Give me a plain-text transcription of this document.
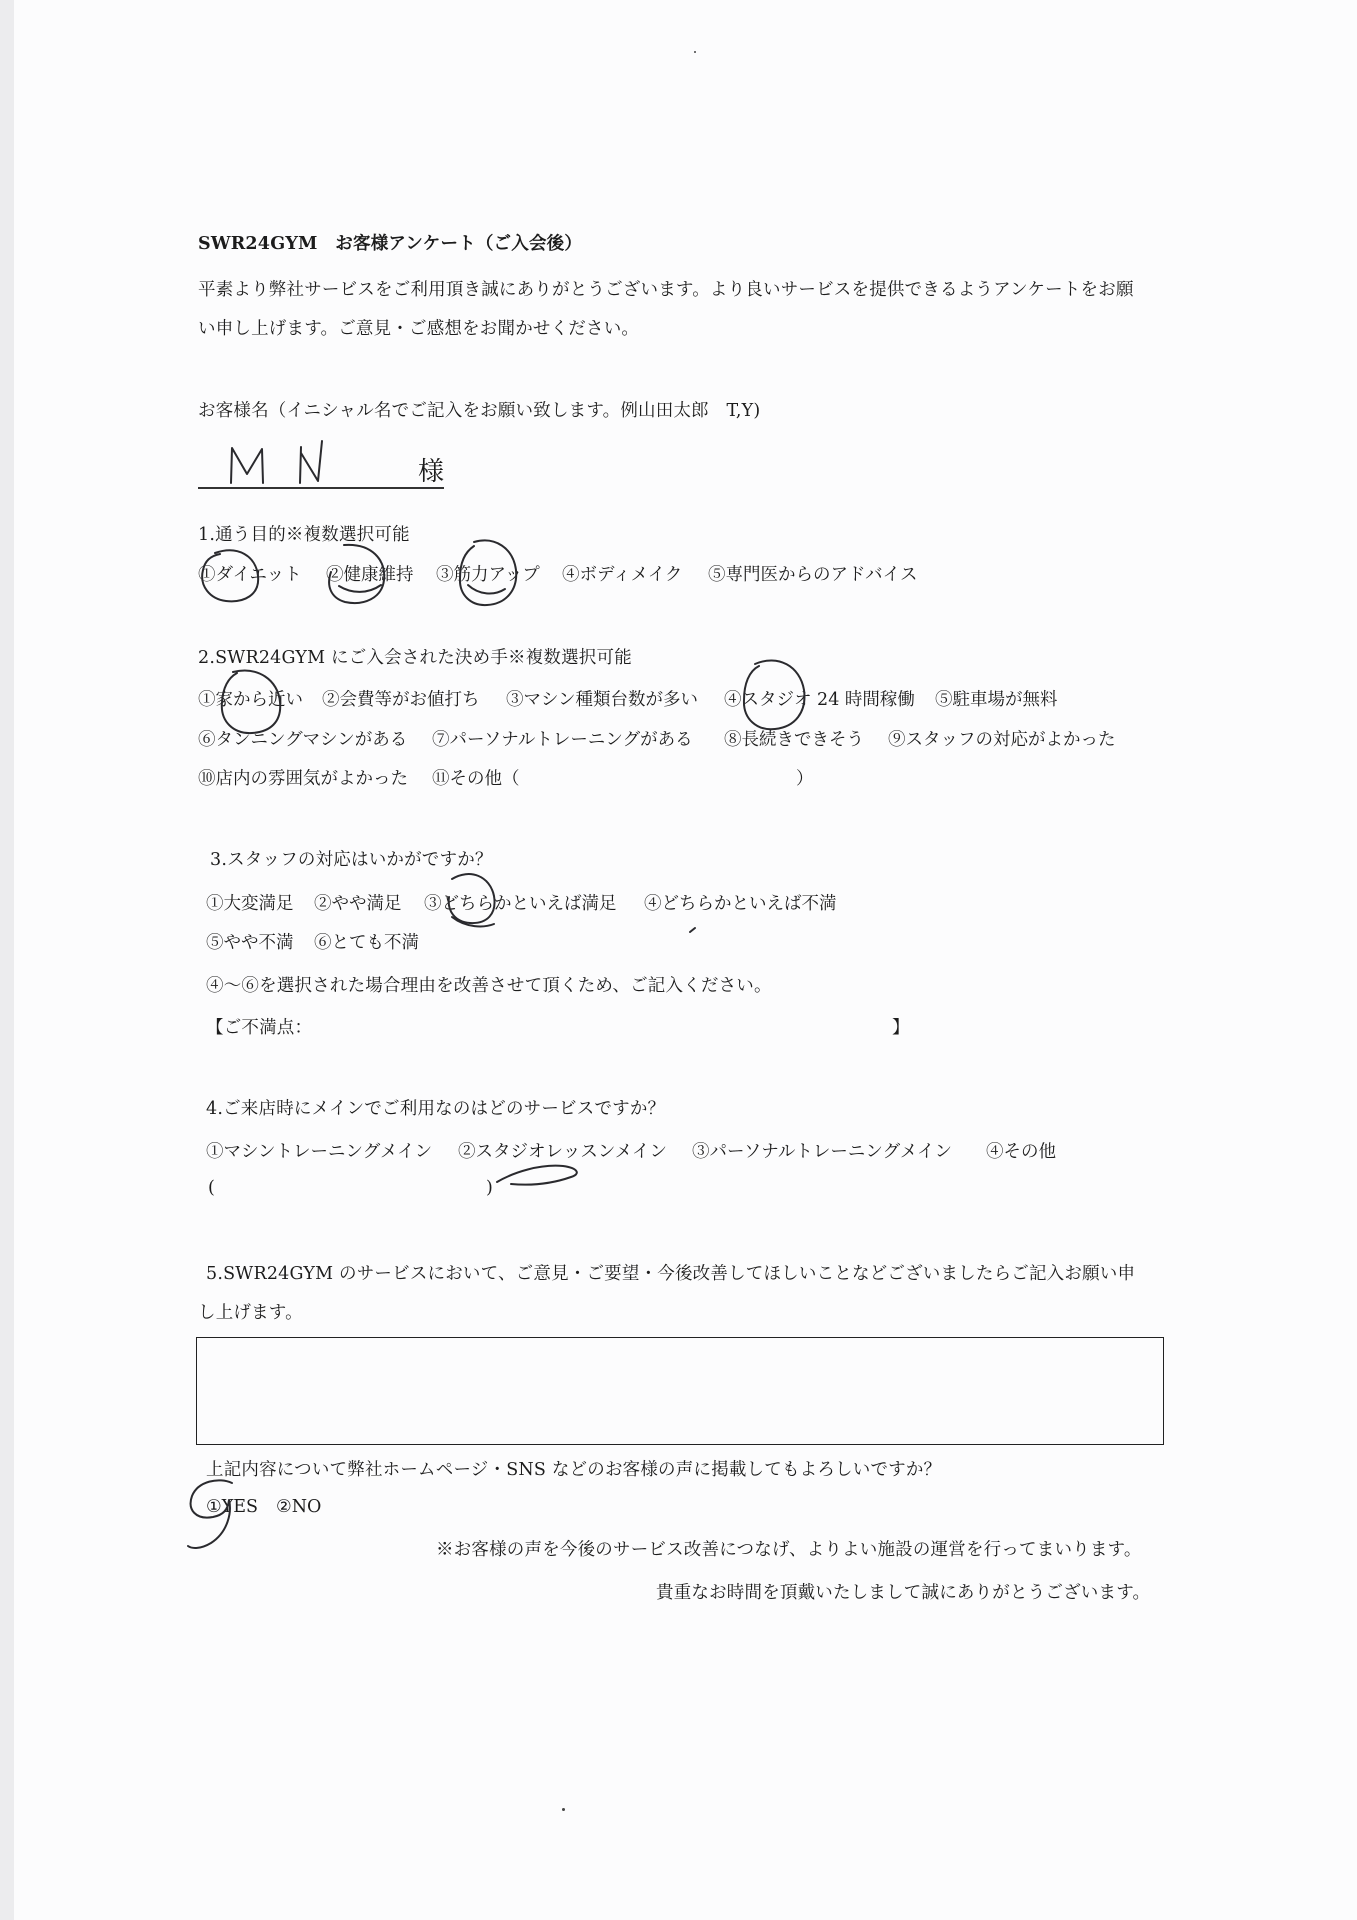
SWR24GYM　お客様アンケート（ご入会後）
平素より弊社サービスをご利用頂き誠にありがとうございます。より良いサービスを提供できるようアンケートをお願
い申し上げます。ご意見・ご感想をお聞かせください。
お客様名（イニシャル名でご記入をお願い致します。例山田太郎　T,Y)
様
1.通う目的※複数選択可能
①ダイエット ②健康維持 ③筋力アップ ④ボディメイク ⑤専門医からのアドバイス
2.SWR24GYM にご入会された決め手※複数選択可能
①家から近い ②会費等がお値打ち ③マシン種類台数が多い ④スタジオ 24 時間稼働 ⑤駐車場が無料
⑥タンニングマシンがある ⑦パーソナルトレーニングがある ⑧長続きできそう ⑨スタッフの対応がよかった
⑩店内の雰囲気がよかった ⑪その他（	）
3.スタッフの対応はいかがですか？
①大変満足 ②やや満足 ③どちらかといえば満足 ④どちらかといえば不満
⑤やや不満 ⑥とても不満
④～⑥を選択された場合理由を改善させて頂くため、ご記入ください。
【ご不満点：	】
4.ご来店時にメインでご利用なのはどのサービスですか？
①マシントレーニングメイン ②スタジオレッスンメイン ③パーソナルトレーニングメイン ④その他
(	)
5.SWR24GYM のサービスにおいて、ご意見・ご要望・今後改善してほしいことなどございましたらご記入お願い申
し上げます。
上記内容について弊社ホームページ・SNS などのお客様の声に掲載してもよろしいですか？
①YES ②NO
※お客様の声を今後のサービス改善につなげ、よりよい施設の運営を行ってまいります。
貴重なお時間を頂戴いたしまして誠にありがとうございます。
